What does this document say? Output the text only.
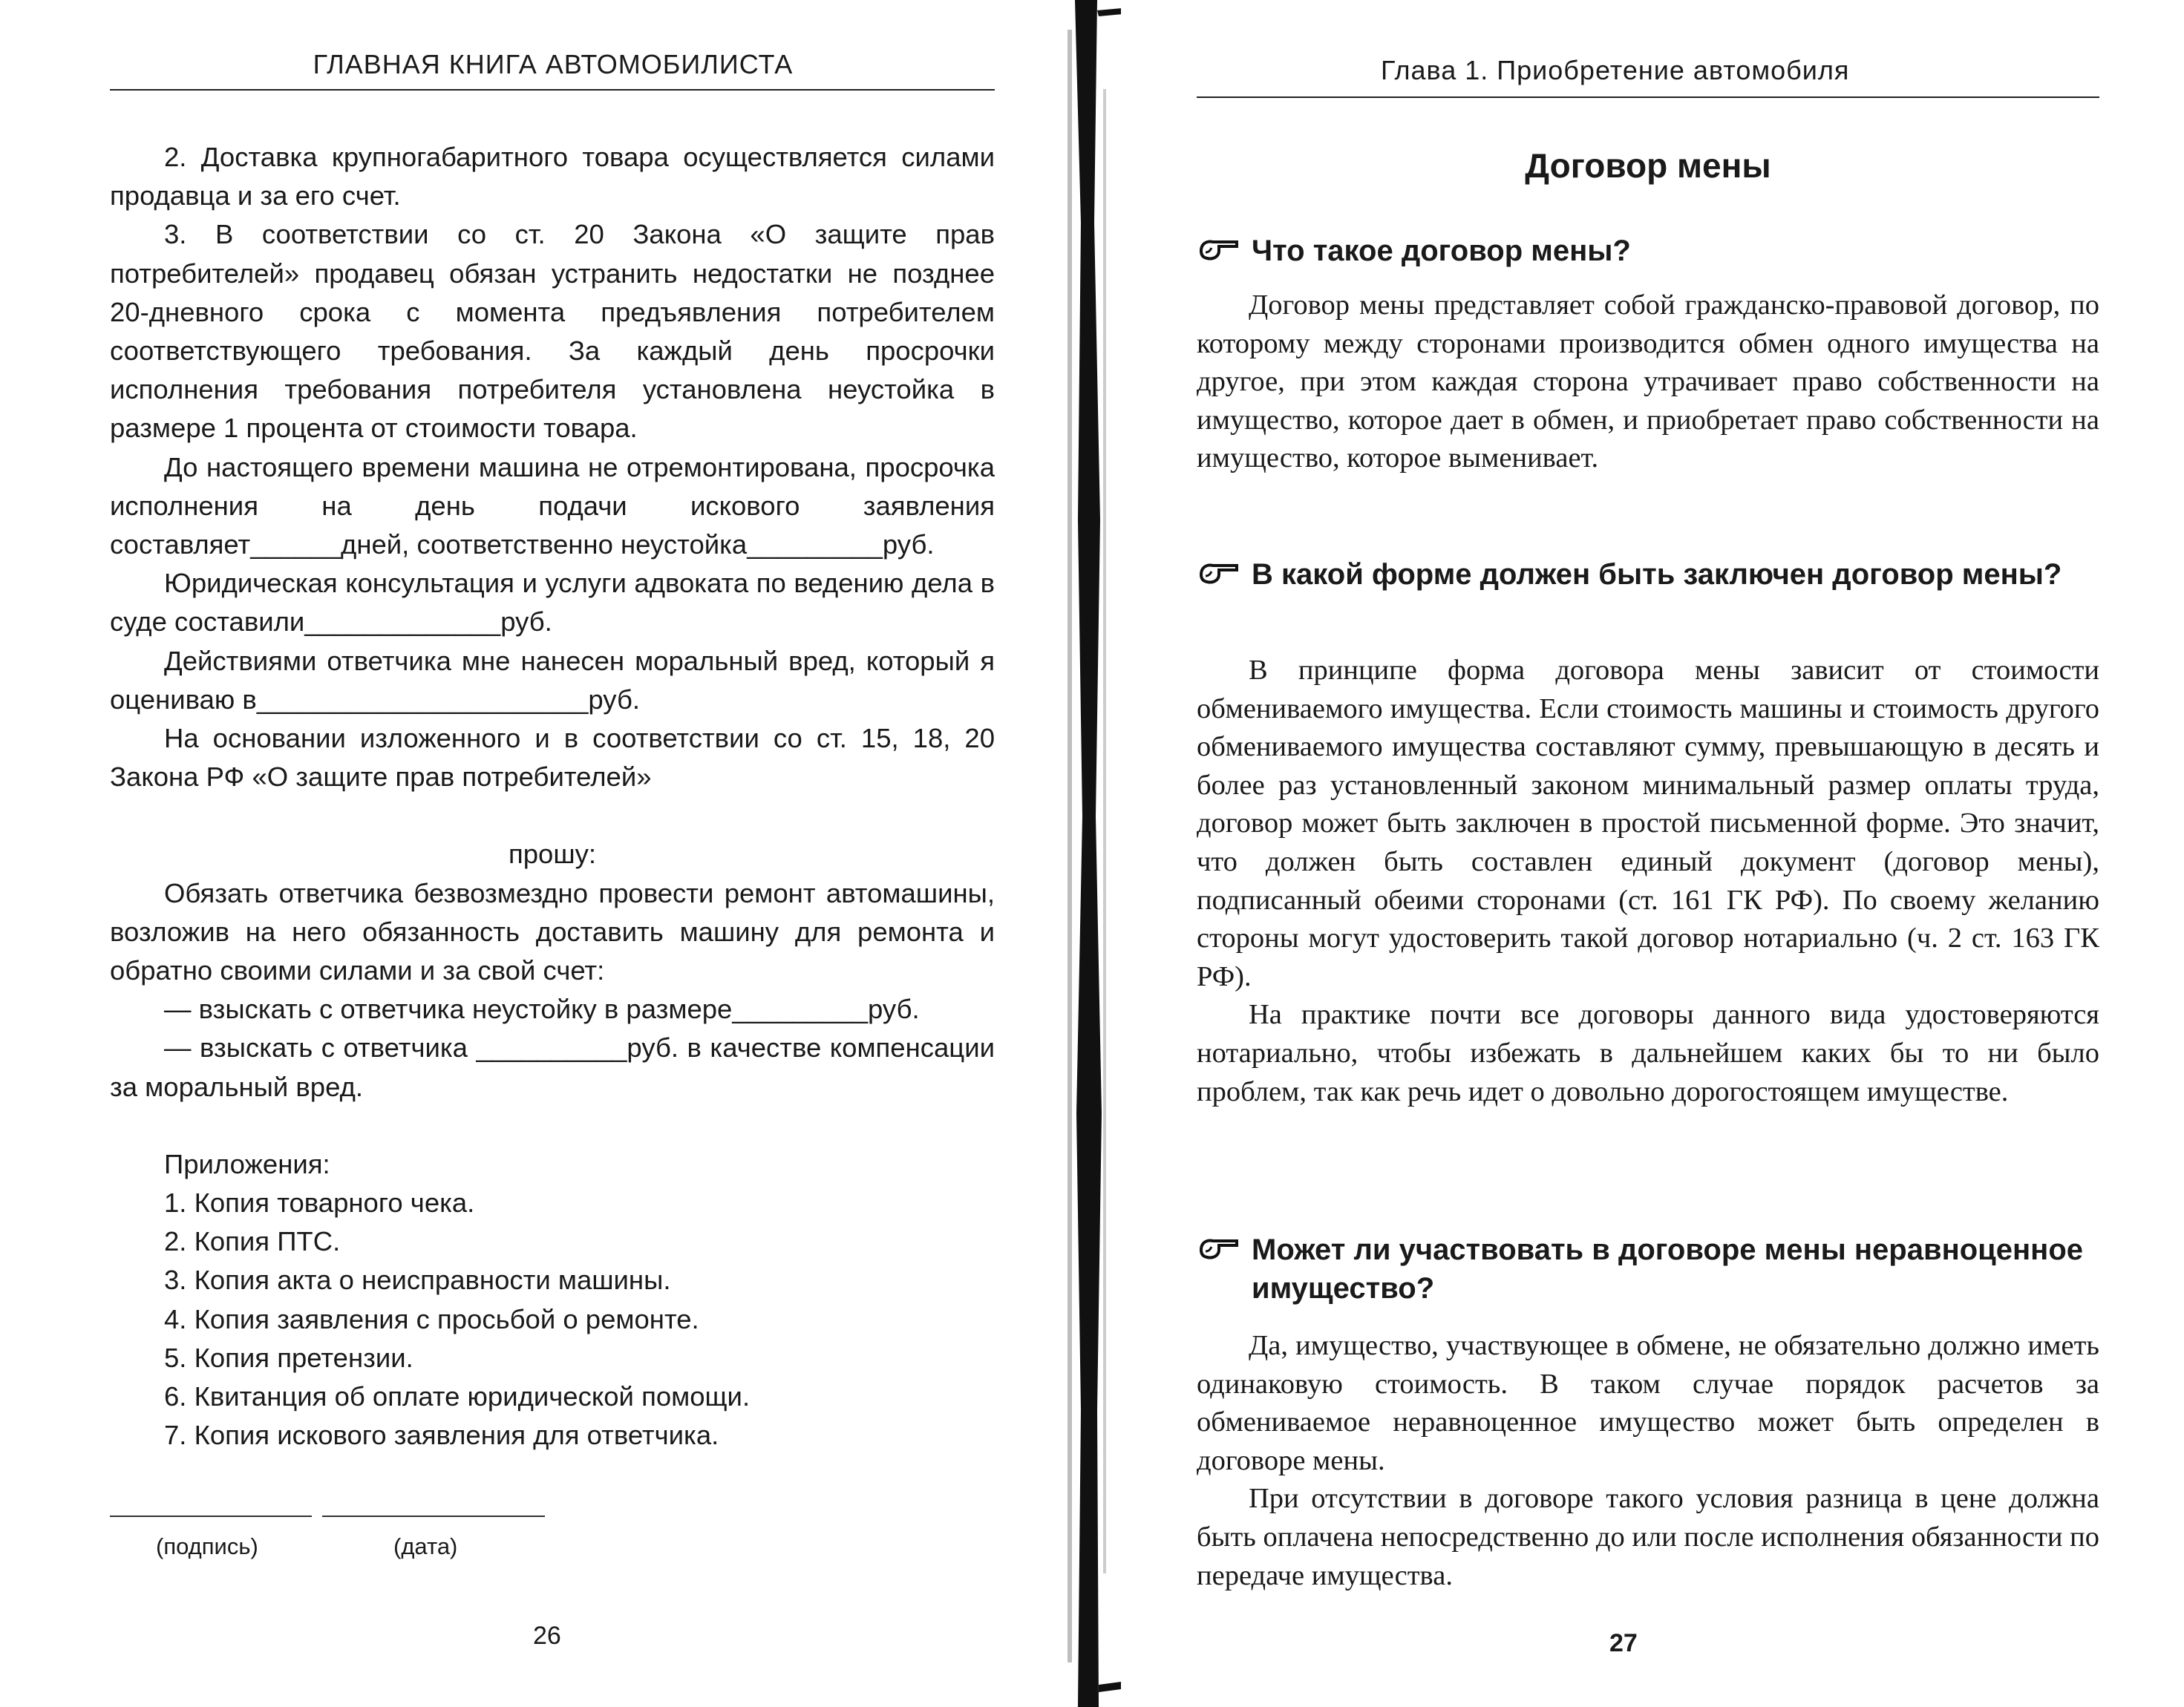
ГЛАВНАЯ КНИГА АВТОМОБИЛИСТА

2. Доставка крупногабаритного товара осуществляется силами продавца и за его счет.

3. В соответствии со ст. 20 Закона «О защите прав потребителей» продавец обязан устранить недостатки не позднее 20-дневного срока с момента предъявления потребителем соответствующего требования. За каждый день просрочки исполнения требования потребителя установлена неустойка в размере 1 процента от стоимости товара.

До настоящего времени машина не отремонтирована, просрочка исполнения на день подачи искового заявления составляет______дней, соответственно неустойка_________руб.

Юридическая консультация и услуги адвоката по ведению дела в суде составили_____________руб.

Действиями ответчика мне нанесен моральный вред, который я оцениваю в______________________руб.

На основании изложенного и в соответствии со ст. 15, 18, 20 Закона РФ «О защите прав потребителей»

прошу:

Обязать ответчика безвозмездно провести ремонт автомашины, возложив на него обязанность доставить машину для ремонта и обратно своими силами и за свой счет:

— взыскать с ответчика неустойку в размере_________руб.

— взыскать с ответчика __________руб. в качестве компенсации за моральный вред.

Приложения:

1. Копия товарного чека.

2. Копия ПТС.

3. Копия акта о неисправности машины.

4. Копия заявления с просьбой о ремонте.

5. Копия претензии.

6. Квитанция об оплате юридической помощи.

7. Копия искового заявления для ответчика.

(подпись)	(дата)
26
Глава 1. Приобретение автомобиля
Договор мены
Что такое договор мены?

Договор мены представляет собой гражданско-правовой договор, по которому между сторонами производится обмен одного имущества на другое, при этом каждая сторона утрачивает право собственности на имущество, которое дает в обмен, и приобретает право собственности на имущество, которое выменивает.

В какой форме должен быть заключен договор мены?

В принципе форма договора мены зависит от стоимости обмениваемого имущества. Если стоимость машины и стоимость другого обмениваемого имущества составляют сумму, превышающую в десять и более раз установленный законом минимальный размер оплаты труда, договор может быть заключен в простой письменной форме. Это значит, что должен быть составлен единый документ (договор мены), подписанный обеими сторонами (ст. 161 ГК РФ). По своему желанию стороны могут удостоверить такой договор нотариально (ч. 2 ст. 163 ГК РФ).

На практике почти все договоры данного вида удостоверяются нотариально, чтобы избежать в дальнейшем каких бы то ни было проблем, так как речь идет о довольно дорогостоящем имуществе.

Может ли участвовать в договоре мены неравноценное имущество?

Да, имущество, участвующее в обмене, не обязательно должно иметь одинаковую стоимость. В таком случае порядок расчетов за обмениваемое неравноценное имущество может быть определен в договоре мены.

При отсутствии в договоре такого условия разница в цене должна быть оплачена непосредственно до или после исполнения обязанности по передаче имущества.

27
